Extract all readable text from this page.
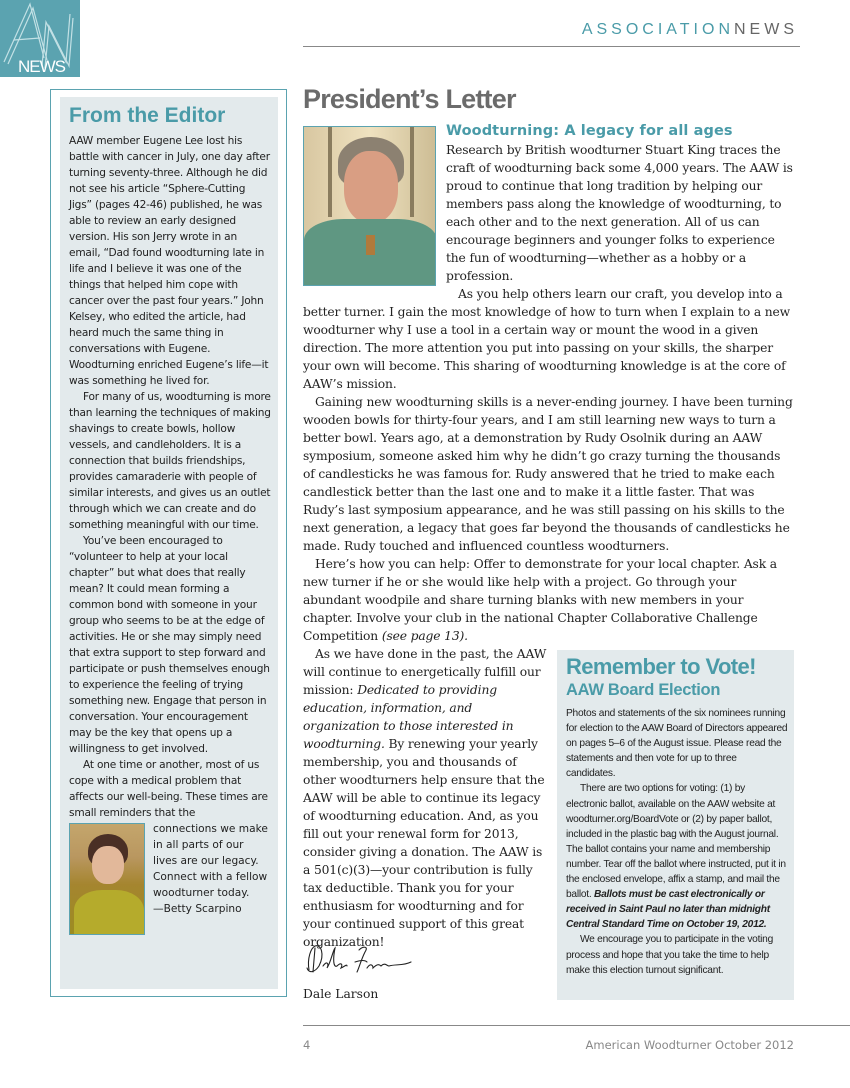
NEWS
ASSOCIATIONNEWS
From the Editor

AAW member Eugene Lee lost his battle with cancer in July, one day after turning seventy-three. Although he did not see his article “Sphere-Cutting Jigs” (pages 42-46) published, he was able to review an early designed version. His son Jerry wrote in an email, “Dad found woodturning late in life and I believe it was one of the things that helped him cope with cancer over the past four years.” John Kelsey, who edited the article, had heard much the same thing in conversations with Eugene. Woodturning enriched Eugene’s life—it was something he lived for.

For many of us, woodturning is more than learning the techniques of making shavings to create bowls, hollow vessels, and candleholders. It is a connection that builds friendships, provides camaraderie with people of similar interests, and gives us an outlet through which we can create and do something meaningful with our time.

You’ve been encouraged to “volunteer to help at your local chapter” but what does that really mean? It could mean forming a common bond with someone in your group who seems to be at the edge of activities. He or she may simply need that extra support to step forward and participate or push themselves enough to experience the feeling of trying something new. Engage that person in conversation. Your encouragement may be the key that opens up a willingness to get involved.

At one time or another, most of us cope with a medical problem that affects our well-being. These times are small reminders that the

connections we make in all parts of our lives are our legacy. Connect with a fellow woodturner today.
—Betty Scarpino
President’s Letter
Woodturning: A legacy for all ages

Research by British woodturner Stuart King traces the craft of woodturning back some 4,000 years. The AAW is proud to continue that long tradition by helping our members pass along the knowledge of woodturning, to each other and to the next generation. All of us can encourage beginners and younger folks to experience the fun of woodturning—whether as a hobby or a profession.

As you help others learn our craft, you develop into a better turner. I gain the most knowledge of how to turn when I explain to a new woodturner why I use a tool in a certain way or mount the wood in a given direction. The more attention you put into passing on your skills, the sharper your own will become. This sharing of woodturning knowledge is at the core of AAW’s mission.

Gaining new woodturning skills is a never-ending journey. I have been turning wooden bowls for thirty-four years, and I am still learning new ways to turn a better bowl. Years ago, at a demonstration by Rudy Osolnik during an AAW symposium, someone asked him why he didn’t go crazy turning the thousands of candlesticks he was famous for. Rudy answered that he tried to make each candlestick better than the last one and to make it a little faster. That was Rudy’s last symposium appearance, and he was still passing on his skills to the next generation, a legacy that goes far beyond the thousands of candlesticks he made. Rudy touched and influenced countless woodturners.

Here’s how you can help: Offer to demonstrate for your local chapter. Ask a new turner if he or she would like help with a project. Go through your abundant woodpile and share turning blanks with new members in your chapter. Involve your club in the national Chapter Collaborative Challenge Competition (see page 13).

As we have done in the past, the AAW will continue to energetically fulfill our mission: Dedicated to providing education, information, and organization to those interested in woodturning. By renewing your yearly membership, you and thousands of other woodturners help ensure that the AAW will be able to continue its legacy of woodturning education. And, as you fill out your renewal form for 2013, consider giving a donation. The AAW is a 501(c)(3)—your contribution is fully tax deductible. Thank you for your enthusiasm for woodturning and for your continued support of this great organization!

Dale Larson
Remember to Vote!
AAW Board Election

Photos and statements of the six nominees running for election to the AAW Board of Directors appeared on pages 5–6 of the August issue. Please read the statements and then vote for up to three candidates.

There are two options for voting: (1) by electronic ballot, available on the AAW website at woodturner.org/BoardVote or (2) by paper ballot, included in the plastic bag with the August journal. The ballot contains your name and membership number. Tear off the ballot where instructed, put it in the enclosed envelope, affix a stamp, and mail the ballot. Ballots must be cast electronically or received in Saint Paul no later than midnight Central Standard Time on October 19, 2012.

We encourage you to participate in the voting process and hope that you take the time to help make this election turnout significant.

4	American Woodturner October 2012
